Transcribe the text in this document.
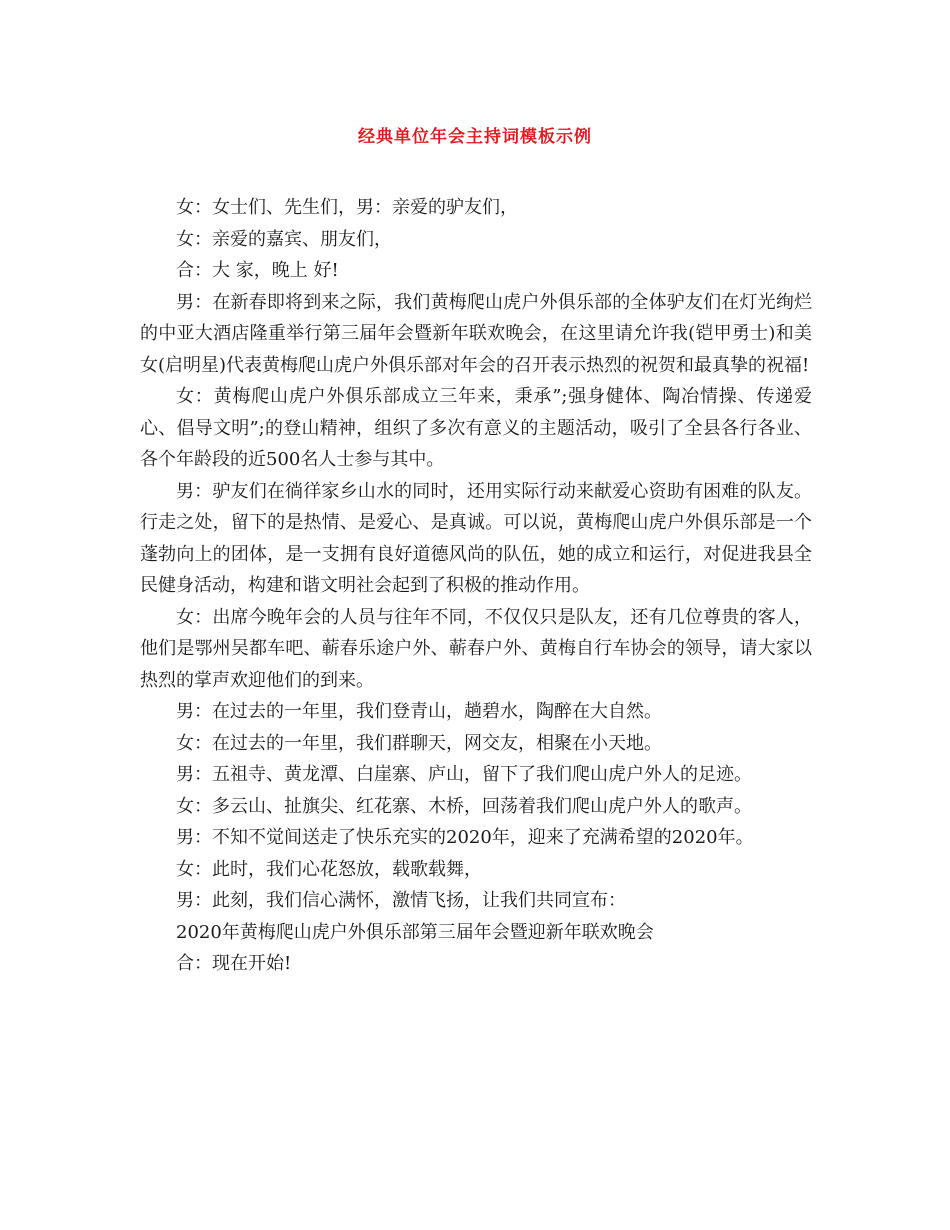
经典单位年会主持词模板示例

女：女士们、先生们，男：亲爱的驴友们，

女：亲爱的嘉宾、朋友们，

合：大 家，晚上 好!

男：在新春即将到来之际，我们黄梅爬山虎户外俱乐部的全体驴友们在灯光绚烂的中亚大酒店隆重举行第三届年会暨新年联欢晚会，在这里请允许我(铠甲勇士)和美女(启明星)代表黄梅爬山虎户外俱乐部对年会的召开表示热烈的祝贺和最真挚的祝福!

女：黄梅爬山虎户外俱乐部成立三年来，秉承”;强身健体、陶冶情操、传递爱心、倡导文明”;的登山精神，组织了多次有意义的主题活动，吸引了全县各行各业、各个年龄段的近500名人士参与其中。

男：驴友们在徜徉家乡山水的同时，还用实际行动来献爱心资助有困难的队友。行走之处，留下的是热情、是爱心、是真诚。可以说，黄梅爬山虎户外俱乐部是一个蓬勃向上的团体，是一支拥有良好道德风尚的队伍，她的成立和运行，对促进我县全民健身活动，构建和谐文明社会起到了积极的推动作用。

女：出席今晚年会的人员与往年不同，不仅仅只是队友，还有几位尊贵的客人，他们是鄂州吴都车吧、蕲春乐途户外、蕲春户外、黄梅自行车协会的领导，请大家以热烈的掌声欢迎他们的到来。

男：在过去的一年里，我们登青山，趟碧水，陶醉在大自然。

女：在过去的一年里，我们群聊天，网交友，相聚在小天地。

男：五祖寺、黄龙潭、白崖寨、庐山，留下了我们爬山虎户外人的足迹。

女：多云山、扯旗尖、红花寨、木桥，回荡着我们爬山虎户外人的歌声。

男：不知不觉间送走了快乐充实的2020年，迎来了充满希望的2020年。

女：此时，我们心花怒放，载歌载舞，

男：此刻，我们信心满怀，激情飞扬，让我们共同宣布：

2020年黄梅爬山虎户外俱乐部第三届年会暨迎新年联欢晚会

合：现在开始!
